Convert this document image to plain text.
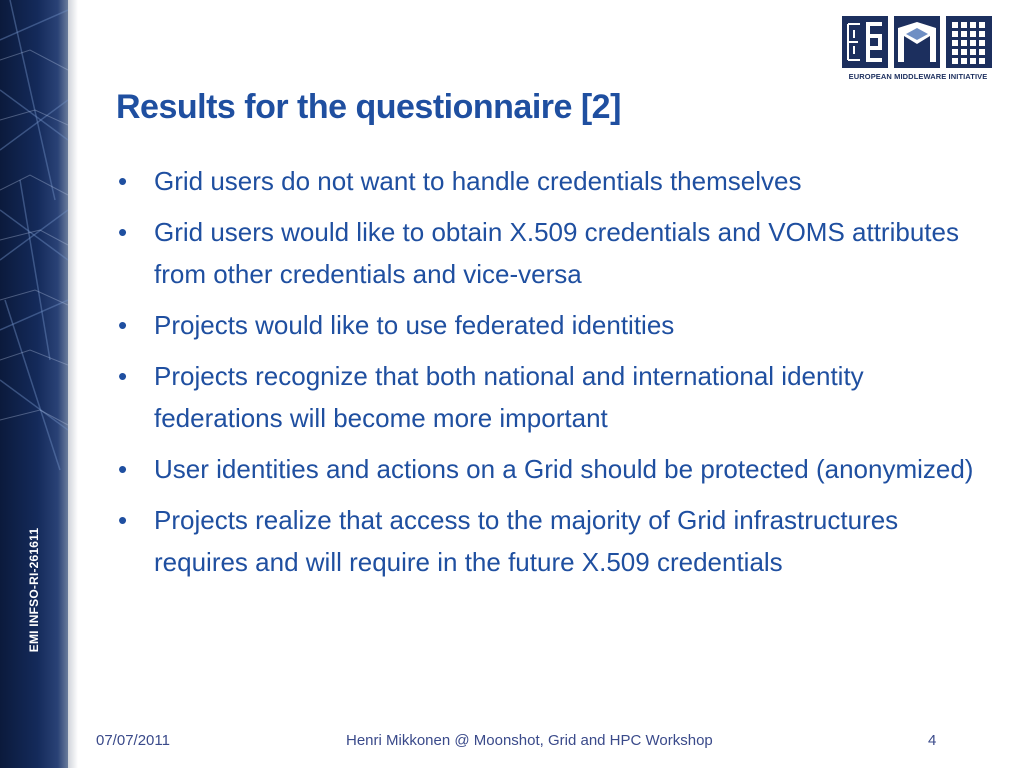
EMI INFSO-RI-261611
EUROPEAN MIDDLEWARE INITIATIVE
Results for the questionnaire [2]
• Grid users do not want to handle credentials themselves
• Grid users would like to obtain X.509 credentials and VOMS attributes from other credentials and vice-versa
• Projects would like to use federated identities
• Projects recognize that both national and international identity federations will become more important
• User identities and actions on a Grid should be protected (anonymized)
• Projects realize that access to the majority of Grid infrastructures requires and will require in the future X.509 credentials
07/07/2011	Henri Mikkonen @ Moonshot, Grid and HPC Workshop	4
